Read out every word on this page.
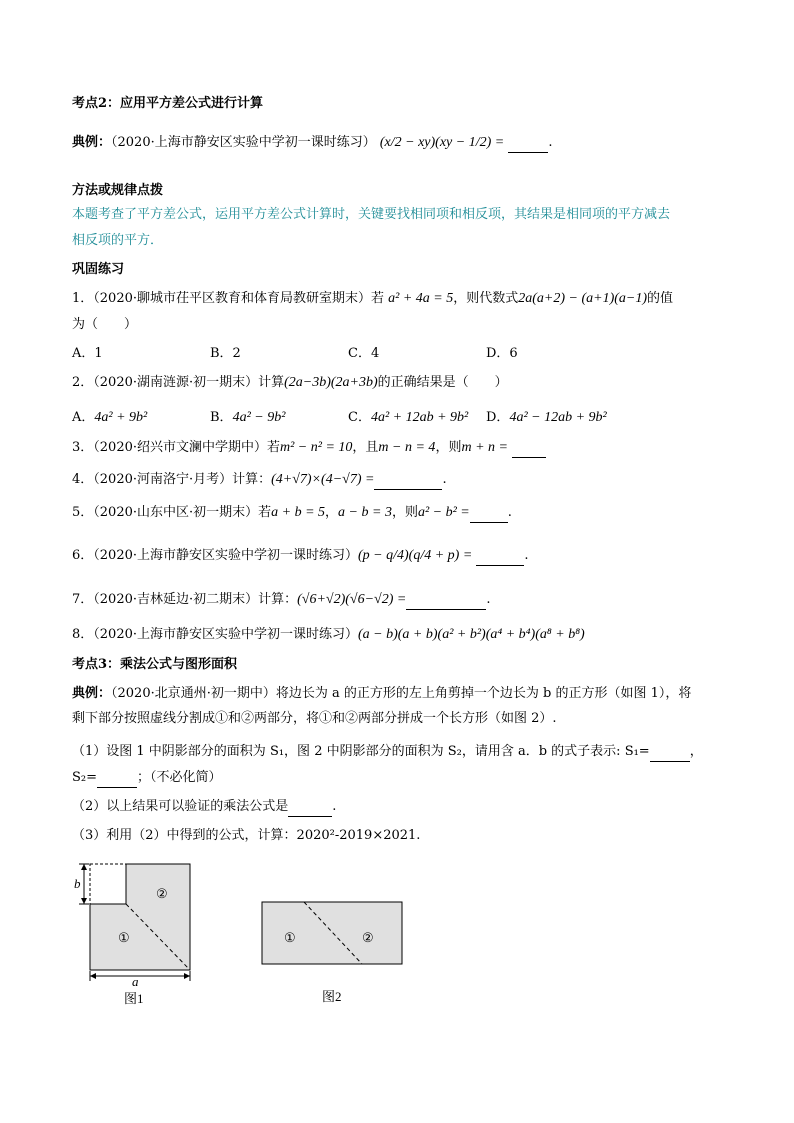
考点2：应用平方差公式进行计算
典例：（2020·上海市静安区实验中学初一课时练习） (x/2 − xy)(xy − 1/2) =	.
方法或规律点拨
本题考查了平方差公式，运用平方差公式计算时，关键要找相同项和相反项，其结果是相同项的平方减去
相反项的平方．
巩固练习
1．（2020·聊城市茌平区教育和体育局教研室期末）若 a² + 4a = 5，则代数式2a(a+2) − (a+1)(a−1)的值
为（　　）
A．1	B．2	C．4	D．6
2．（2020·湖南涟源·初一期末）计算(2a−3b)(2a+3b)的正确结果是（　　）
A．4a² + 9b²	B．4a² − 9b²	C．4a² + 12ab + 9b² D．4a² − 12ab + 9b²
3．（2020·绍兴市文澜中学期中）若m² − n² = 10，且m − n = 4，则m + n =
4．（2020·河南洛宁·月考）计算：(4+√7)×(4−√7) =	.
5．（2020·山东中区·初一期末）若a + b = 5，a − b = 3，则a² − b² =	.
6．（2020·上海市静安区实验中学初一课时练习）(p − q/4)(q/4 + p) =	.
7．（2020·吉林延边·初二期末）计算：(√6+√2)(√6−√2) =	.
8．（2020·上海市静安区实验中学初一课时练习）(a − b)(a + b)(a² + b²)(a⁴ + b⁴)(a⁸ + b⁸)
考点3：乘法公式与图形面积
典例：（2020·北京通州·初一期中）将边长为 a 的正方形的左上角剪掉一个边长为 b 的正方形（如图 1），将
剩下部分按照虚线分割成①和②两部分，将①和②两部分拼成一个长方形（如图 2）.
（1）设图 1 中阴影部分的面积为 S₁，图 2 中阴影部分的面积为 S₂，请用含 a．b 的式子表示: S₁=	，
S₂=	；（不必化简）
（2）以上结果可以验证的乘法公式是	.
（3）利用（2）中得到的公式，计算：2020²-2019×2021.
b
a
①
②
图1
①	②
图2
